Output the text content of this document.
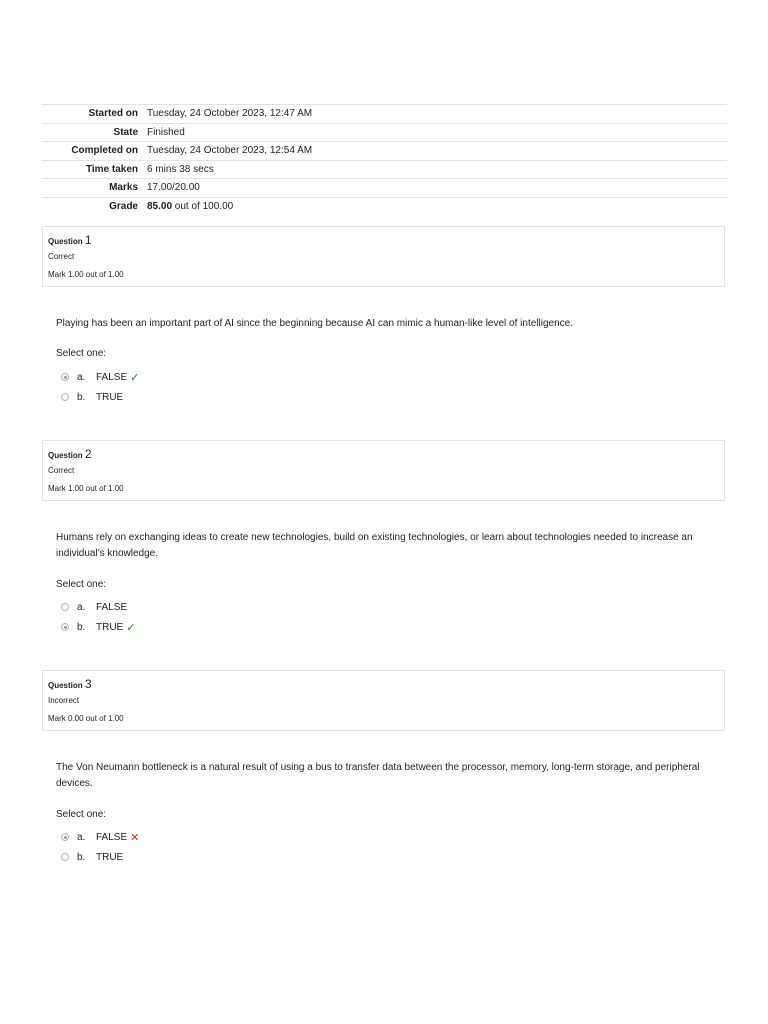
Started on	Tuesday, 24 October 2023, 12:47 AM
State	Finished
Completed on	Tuesday, 24 October 2023, 12:54 AM
Time taken	6 mins 38 secs
Marks	17.00/20.00
Grade	85.00 out of 100.00
Question 1
Correct
Mark 1.00 out of 1.00
Playing has been an important part of AI since the beginning because AI can mimic a human-like level of intelligence.
Select one:
a.	FALSE ✓
b.	TRUE
Question 2
Correct
Mark 1.00 out of 1.00
Humans rely on exchanging ideas to create new technologies, build on existing technologies, or learn about technologies needed to increase an individual's knowledge.
Select one:
a.	FALSE
b.	TRUE ✓
Question 3
Incorrect
Mark 0.00 out of 1.00
The Von Neumann bottleneck is a natural result of using a bus to transfer data between the processor, memory, long-term storage, and peripheral devices.
Select one:
a.	FALSE ✕
b.	TRUE
